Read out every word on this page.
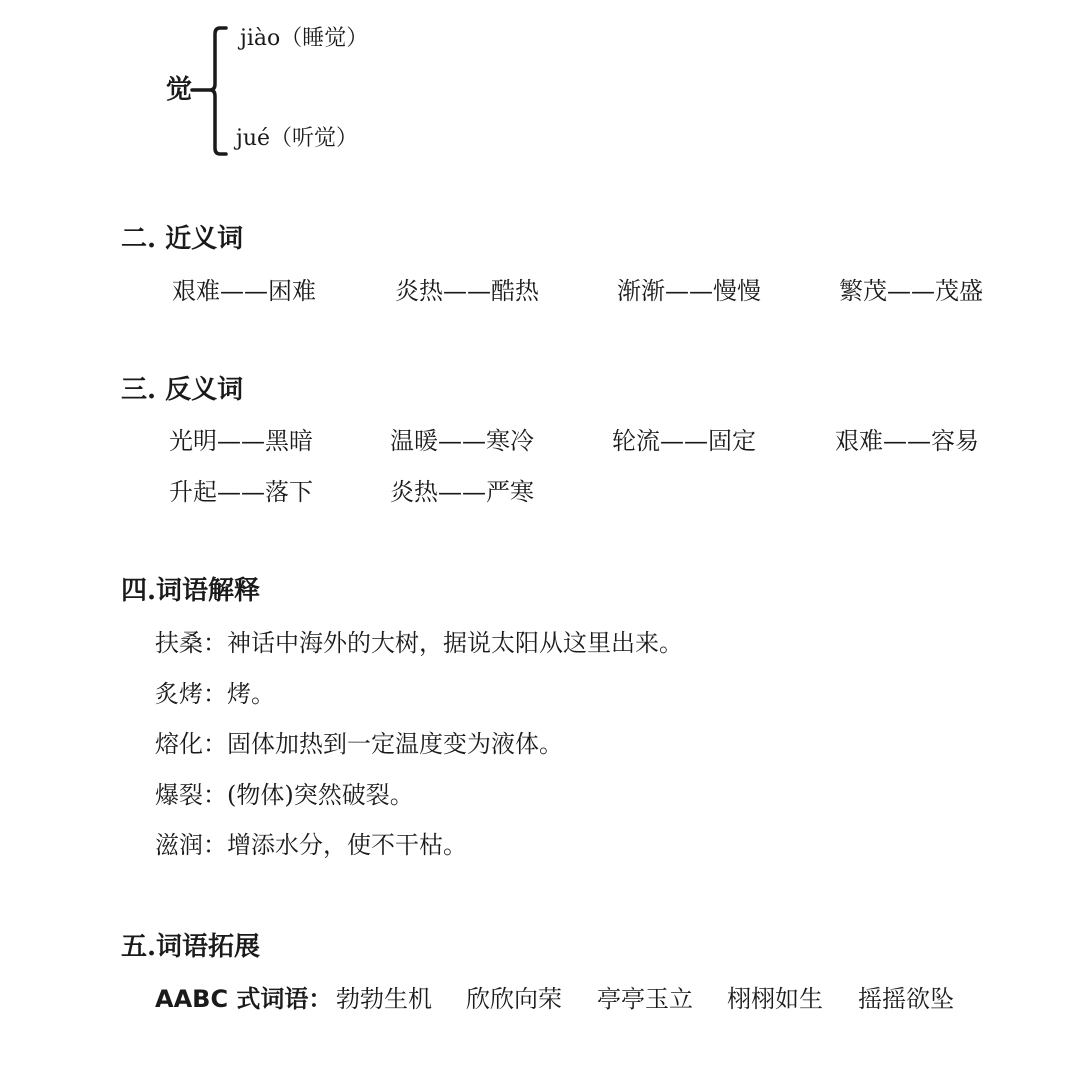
觉
jiào（睡觉）
jué（听觉）
二. 近义词
艰难——困难	炎热——酷热	渐渐——慢慢	繁茂——茂盛
三. 反义词
光明——黑暗	温暖——寒冷	轮流——固定	艰难——容易
升起——落下	炎热——严寒
四.词语解释
扶桑：神话中海外的大树，据说太阳从这里出来。
炙烤：烤。
熔化：固体加热到一定温度变为液体。
爆裂：(物体)突然破裂。
滋润：增添水分，使不干枯。
五.词语拓展
AABC 式词语： 勃勃生机 欣欣向荣 亭亭玉立 栩栩如生 摇摇欲坠
